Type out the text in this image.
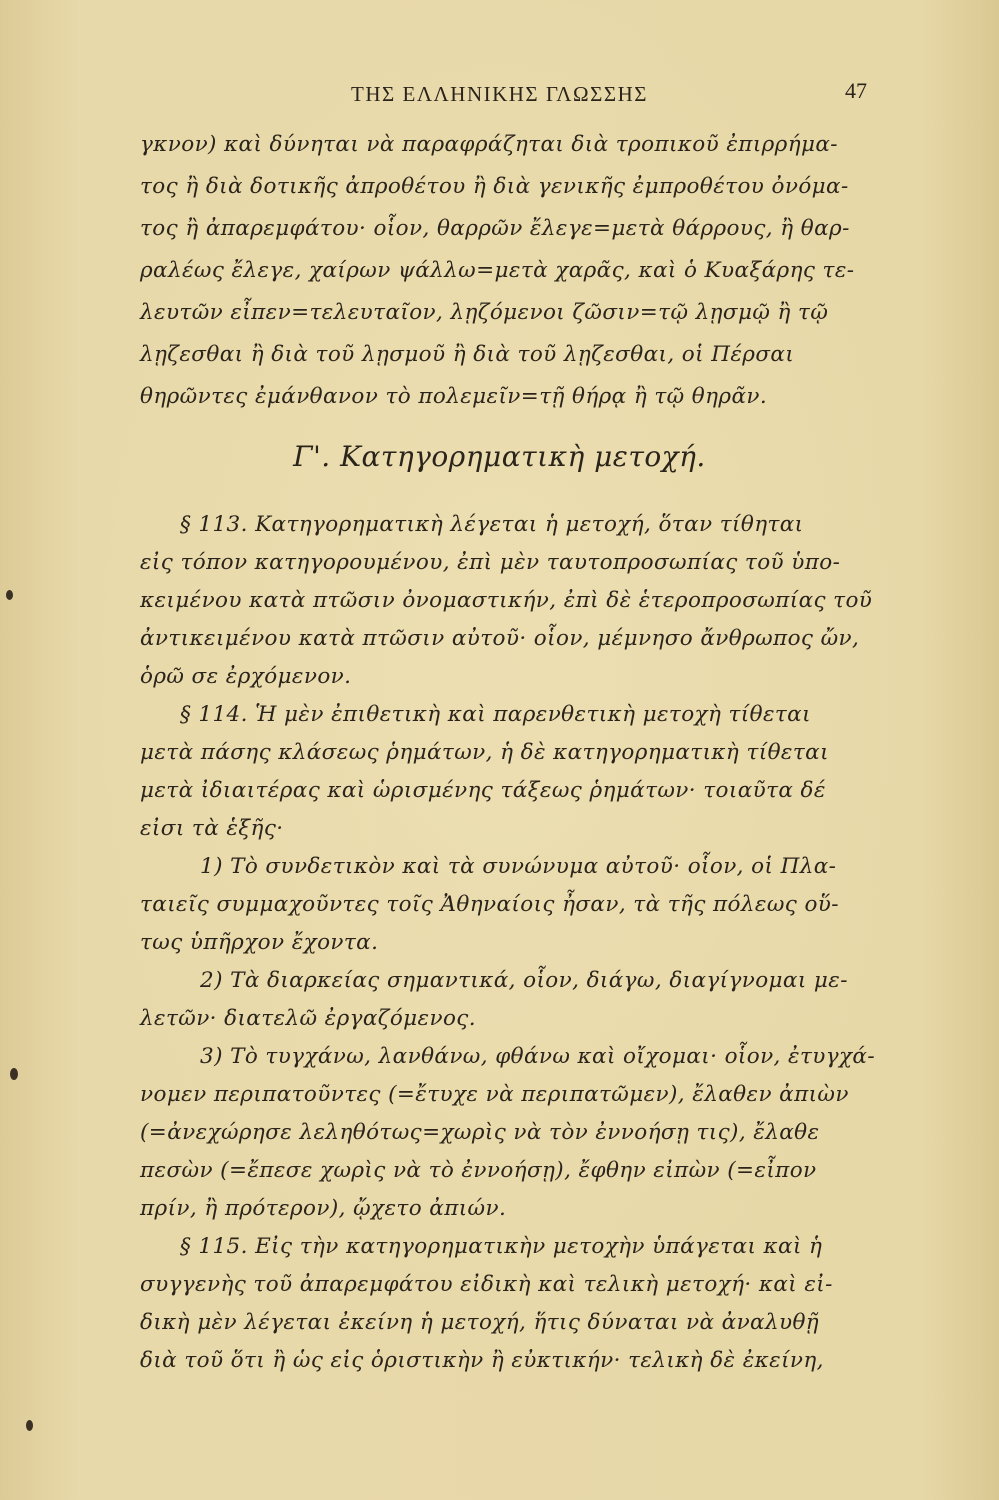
ΤΗΣ ΕΛΛΗΝΙΚΗΣ ΓΛΩΣΣΗΣ	47
γκνον) καὶ δύνηται νὰ παραφράζηται διὰ τροπικοῦ ἐπιρρήμα-
τος ἢ διὰ δοτικῆς ἀπροθέτου ἢ διὰ γενικῆς ἐμπροθέτου ὀνόμα-
τος ἢ ἀπαρεμφάτου· οἷον, θαρρῶν ἔλεγε=μετὰ θάρρους, ἢ θαρ-
ραλέως ἔλεγε, χαίρων ψάλλω=μετὰ χαρᾶς, καὶ ὁ Κυαξάρης τε-
λευτῶν εἶπεν=τελευταῖον, λῃζόμενοι ζῶσιν=τῷ λῃσμῷ ἢ τῷ
λῃζεσθαι ἢ διὰ τοῦ λῃσμοῦ ἢ διὰ τοῦ λῃζεσθαι, οἱ Πέρσαι
θηρῶντες ἐμάνθανον τὸ πολεμεῖν=τῇ θήρᾳ ἢ τῷ θηρᾶν.
Γ'. Κατηγορηματικὴ μετοχή.
§ 113. Κατηγορηματικὴ λέγεται ἡ μετοχή, ὅταν τίθηται
εἰς τόπον κατηγορουμένου, ἐπὶ μὲν ταυτοπροσωπίας τοῦ ὑπο-
κειμένου κατὰ πτῶσιν ὀνομαστικήν, ἐπὶ δὲ ἑτεροπροσωπίας τοῦ
ἀντικειμένου κατὰ πτῶσιν αὐτοῦ· οἷον, μέμνησο ἄνθρωπος ὤν,
ὁρῶ σε ἐρχόμενον.
§ 114. Ἡ μὲν ἐπιθετικὴ καὶ παρενθετικὴ μετοχὴ τίθεται
μετὰ πάσης κλάσεως ῥημάτων, ἡ δὲ κατηγορηματικὴ τίθεται
μετὰ ἰδιαιτέρας καὶ ὡρισμένης τάξεως ῥημάτων· τοιαῦτα δέ
εἰσι τὰ ἑξῆς·
1) Τὸ συνδετικὸν καὶ τὰ συνώνυμα αὐτοῦ· οἷον, οἱ Πλα-
ταιεῖς συμμαχοῦντες τοῖς Ἀθηναίοις ἦσαν, τὰ τῆς πόλεως οὕ-
τως ὑπῆρχον ἔχοντα.
2) Τὰ διαρκείας σημαντικά, οἷον, διάγω, διαγίγνομαι με-
λετῶν· διατελῶ ἐργαζόμενος.
3) Τὸ τυγχάνω, λανθάνω, φθάνω καὶ οἴχομαι· οἷον, ἐτυγχά-
νομεν περιπατοῦντες (=ἔτυχε νὰ περιπατῶμεν), ἔλαθεν ἀπιὼν
(=ἀνεχώρησε λεληθότως=χωρὶς νὰ τὸν ἐννοήσῃ τις), ἔλαθε
πεσὼν (=ἔπεσε χωρὶς νὰ τὸ ἐννοήσῃ), ἔφθην εἰπὼν (=εἶπον
πρίν, ἢ πρότερον), ᾤχετο ἀπιών.
§ 115. Εἰς τὴν κατηγορηματικὴν μετοχὴν ὑπάγεται καὶ ἡ
συγγενὴς τοῦ ἀπαρεμφάτου εἰδικὴ καὶ τελικὴ μετοχή· καὶ εἰ-
δικὴ μὲν λέγεται ἐκείνη ἡ μετοχή, ἥτις δύναται νὰ ἀναλυθῇ
διὰ τοῦ ὅτι ἢ ὡς εἰς ὁριστικὴν ἢ εὐκτικήν· τελικὴ δὲ ἐκείνη,
